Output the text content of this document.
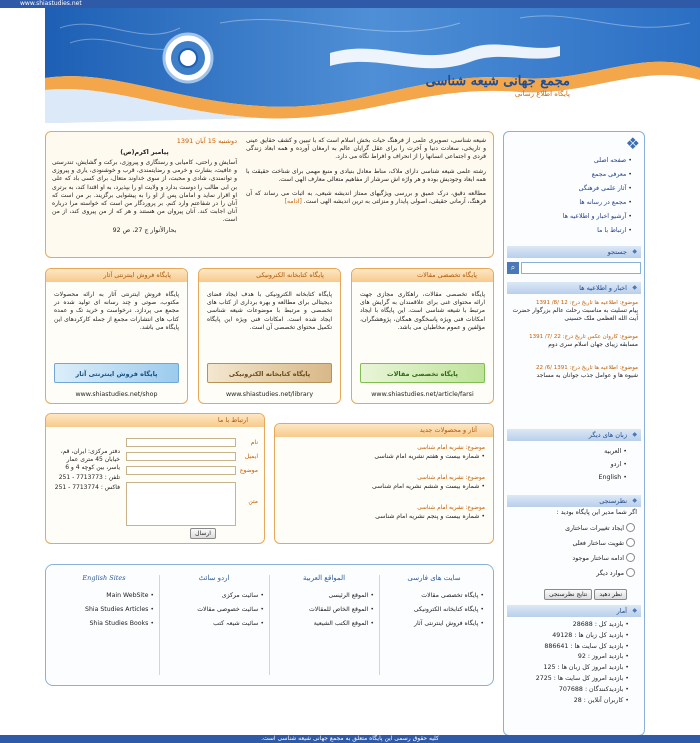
www.shiastudies.net
مجمع جهانی شیعه شناسی
پایگاه اطلاع رسانی
❖
• صفحه اصلی
• معرفی مجمع
• آثار علمی فرهنگی
• مجمع در رسانه ها
• آرشیو اخبار و اطلاعیه ها
• ارتباط با ما
جستجو ◆
⌕
اخبار و اطلاعیه ها ◆
موضوع: اطلاعیه ها تاریخ درج: 12 /8/ 1391
پیام تسلیت به مناسبت رحلت عالم بزرگوار حضرت آیت الله العظمی ملک حسینی
موضوع: کاروان عکس تاریخ درج: 22 /7/ 1391
مسابقه زیبای جهان اسلام سری دوم
موضوع: اطلاعیه ها تاریخ درج: 1391 /6/ 22
شیوه ها و عوامل جذب جوانان به مساجد
زبان های دیگر ◆
• العربیة
• اردو
• English
نظرسنجی ◆
اگر شما مدیر این پایگاه بودید :
ایجاد تغییرات ساختاری
تقویت ساختار فعلی
ادامه ساختار موجود
موارد دیگر
نظر دهید نتایج نظرسنجی
آمار ◆
• بازدید کل : 28688
• بازدید کل زبان ها : 49128
• بازدید کل سایت ها : 886641
• بازدید امروز : 92
• بازدید امروز کل زبان ها : 125
• بازدید امروز کل سایت ها : 2725
• بازدیدکنندگان : 707688
• کاربران آنلاین : 28
شیعه شناسی، تصویری علمی از فرهنگ حیات بخش اسلام است که با تبیین و کشف حقایق عینی و تاریخی، سعادت دنیا و آخرت را برای عقل گرایان عالم به ارمغان آورده و همه ابعاد زندگی فردی و اجتماعی انسانها را از انحراف و افراط نگاه می دارد.
رشته علمی شیعه شناسی دارای ملاک، مناط معادل بنیادی و منبع مهمی برای شناخت حقیقت با همه ابعاد وجودیش بوده و هر واژه اش سرشار از مفاهیم متعالی معارف الهی است.
مطالعه دقیق، درک عمیق و بررسی ویژگیهای ممتاز اندیشه شیعی، به اثبات می رساند که آن فرهنگ، آرمانی حقیقی، اصولی پایدار و منزلتی به ترین اندیشه الهی است. [ادامه]
دوشنبه 15 آبان 1391
پیامبر اکرم(ص)
آسایش و راحتی، کامیابی و رستگاری و پیروزی، برکت و گشایش، تندرستی و عافیت، بشارت و خرمی و رضایتمندی، قرب و خوشنودی، یاری و پیروزی و توانمندی، شادی و محبت، از سوی خداوند متعال، برای کسی باد که علی بن ابی طالب را دوست بدارد و ولایت او را بپذیرد، به او اقتدا کند، به برتری او اقرار نماید و امامان پس از او را به پیشوایی برگزیند. بر من است که آنان را در شفاعتم وارد کنم. بر پروردگار من است که خواسته مرا درباره آنان اجابت کند. آنان پیروان من هستند و هر که از من پیروی کند، از من است.
بحارالأنوار ج 27، ص 92
پایگاه تخصصی مقالات
پایگاه تخصصی مقالات، راهکاری مجازی جهت ارائه محتوای غنی برای علاقمندان به گرایش های مرتبط با شیعه شناسی است. این پایگاه با ایجاد امکانات فنی ویژه پاسخگوی همگان، پژوهشگران، مؤلفین و عموم مخاطبان می باشد.
پایگاه تخصصی مقالات
www.shiastudies.net/article/farsi
پایگاه کتابخانه الکترونیکی
پایگاه کتابخانه الکترونیکی با هدف ایجاد فضای دیجیتالی برای مطالعه و بهره برداری از کتاب های تخصصی و مرتبط با موضوعات شیعه شناسی ایجاد شده است. امکانات فنی ویژه این پایگاه تکمیل محتوای تخصصی آن است.
پایگاه کتابخانه الکترونیکی
www.shiastudies.net/library
پایگاه فروش اینترنتی آثار
پایگاه فروش اینترنتی آثار به ارائه محصولات مکتوب، صوتی و چند رسانه ای تولید شده در مجمع می پردازد. درخواست و خرید تک و عمده کتاب های انتشارات مجمع از جمله کارکردهای این پایگاه می باشد.
پایگاه فروش اینترنتی آثار
www.shiastudies.net/shop
آثار و محصولات جدید
موضوع: نشریه امام شناسی
• شماره بیست و هفتم نشریه امام شناسی
موضوع: نشریه امام شناسی
• شماره بیست و ششم نشریه امام شناسی
موضوع: نشریه امام شناسی
• شماره بیست و پنجم نشریه امام شناسی
ارتباط با ما
نام
ایمیل
موضوع
متن
ارسال
دفتر مرکزی: ایران، قم، خیابان 45 متری عمار یاسر، بین کوچه 4 و 6
تلفن : 7713773 - 251
فاکس : 7713774 - 251
سایت های فارسی
• پایگاه تخصصی مقالات
• پایگاه کتابخانه الکترونیکی
• پایگاه فروش اینترنتی آثار
المواقع العربیة
• الموقع الرئیسی
• الموقع الخاص للمقالات
• الموقع الکتب الشیعیة
اردو سائٹ
• سائیت مرکزی
• سائیت خصوصی مقالات
• سائیت شیعہ کتب
English Sites
• Main WebSite
• Shia Studies Articles
• Shia Studies Books
کلیه حقوق رسمی این پایگاه متعلق به مجمع جهانی شیعه شناسی است.
